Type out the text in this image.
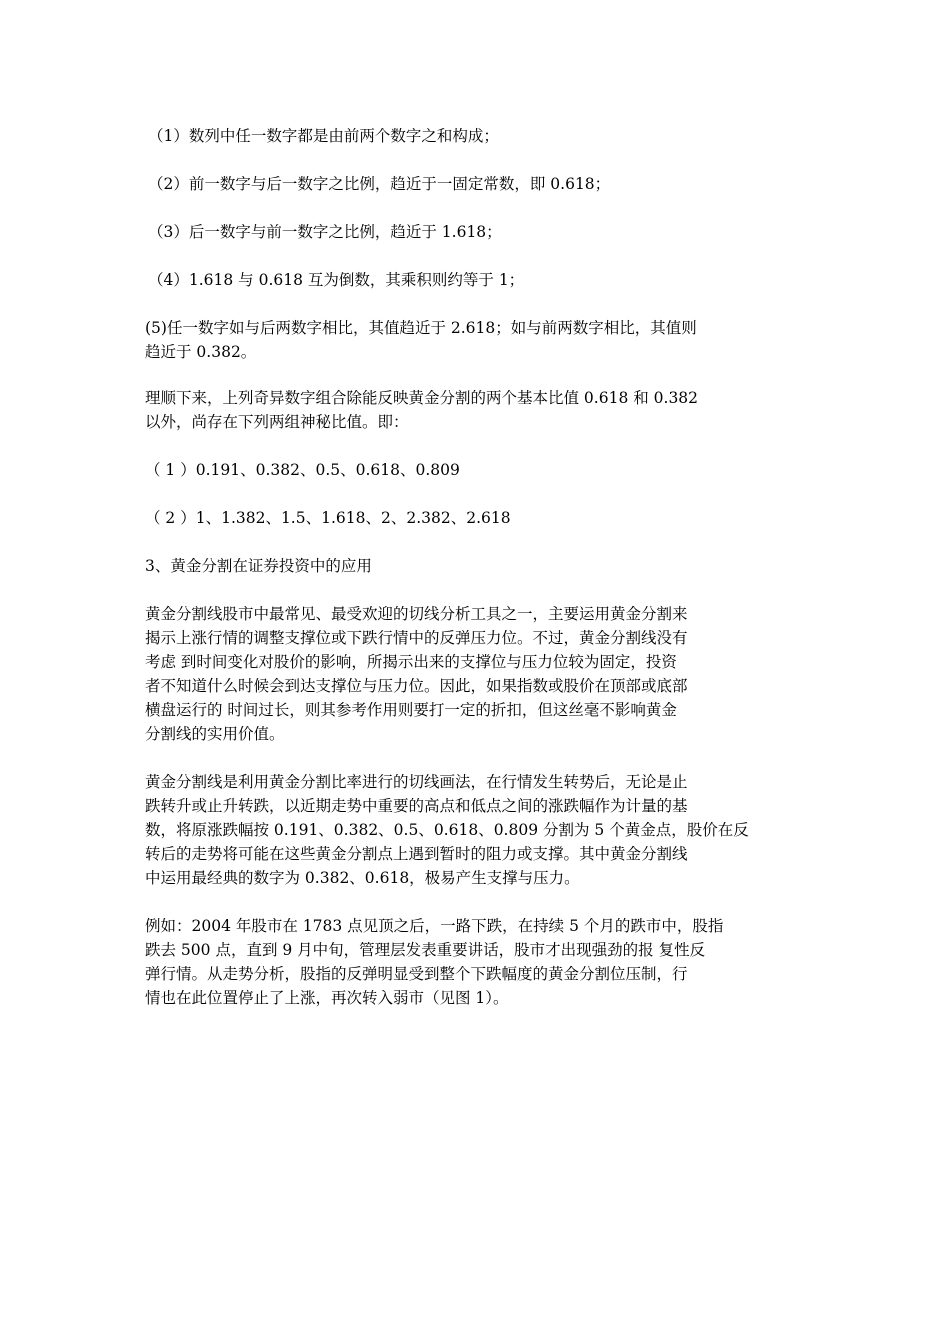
（1）数列中任一数字都是由前两个数字之和构成；

（2）前一数字与后一数字之比例，趋近于一固定常数，即 0.618；

（3）后一数字与前一数字之比例，趋近于 1.618；

（4）1.618 与 0.618 互为倒数，其乘积则约等于 1；

(5)任一数字如与后两数字相比，其值趋近于 2.618；如与前两数字相比，其值则
趋近于 0.382。

理顺下来，上列奇异数字组合除能反映黄金分割的两个基本比值 0.618 和 0.382
以外，尚存在下列两组神秘比值。即：

（ 1 ）0.191、0.382、0.5、0.618、0.809

（ 2 ）1、1.382、1.5、1.618、2、2.382、2.618

3、黄金分割在证券投资中的应用

黄金分割线股市中最常见、最受欢迎的切线分析工具之一，主要运用黄金分割来
揭示上涨行情的调整支撑位或下跌行情中的反弹压力位。不过，黄金分割线没有
考虑 到时间变化对股价的影响，所揭示出来的支撑位与压力位较为固定，投资
者不知道什么时候会到达支撑位与压力位。因此，如果指数或股价在顶部或底部
横盘运行的 时间过长，则其参考作用则要打一定的折扣，但这丝毫不影响黄金
分割线的实用价值。

黄金分割线是利用黄金分割比率进行的切线画法，在行情发生转势后，无论是止
跌转升或止升转跌，以近期走势中重要的高点和低点之间的涨跌幅作为计量的基
数，将原涨跌幅按 0.191、0.382、0.5、0.618、0.809 分割为 5 个黄金点，股价在反
转后的走势将可能在这些黄金分割点上遇到暂时的阻力或支撑。其中黄金分割线
中运用最经典的数字为 0.382、0.618，极易产生支撑与压力。

例如：2004 年股市在 1783 点见顶之后，一路下跌，在持续 5 个月的跌市中，股指
跌去 500 点，直到 9 月中旬，管理层发表重要讲话，股市才出现强劲的报 复性反
弹行情。从走势分析，股指的反弹明显受到整个下跌幅度的黄金分割位压制，行
情也在此位置停止了上涨，再次转入弱市（见图 1）。
